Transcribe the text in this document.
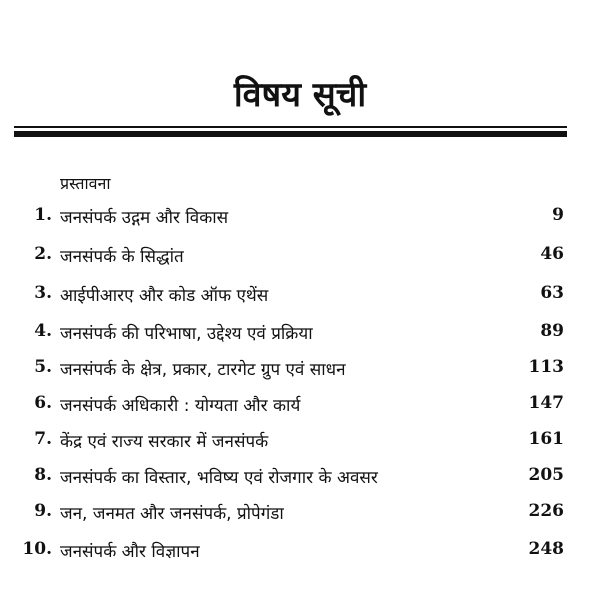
विषय सूची
प्रस्तावना
1. जनसंपर्क उद्गम और विकास	9
2. जनसंपर्क के सिद्धांत	46
3. आईपीआरए और कोड ऑफ एथेंस	63
4. जनसंपर्क की परिभाषा, उद्देश्य एवं प्रक्रिया	89
5. जनसंपर्क के क्षेत्र, प्रकार, टारगेट ग्रुप एवं साधन	113
6. जनसंपर्क अधिकारी : योग्यता और कार्य	147
7. केंद्र एवं राज्य सरकार में जनसंपर्क	161
8. जनसंपर्क का विस्तार, भविष्य एवं रोजगार के अवसर	205
9. जन, जनमत और जनसंपर्क, प्रोपेगंडा	226
10. जनसंपर्क और विज्ञापन	248
